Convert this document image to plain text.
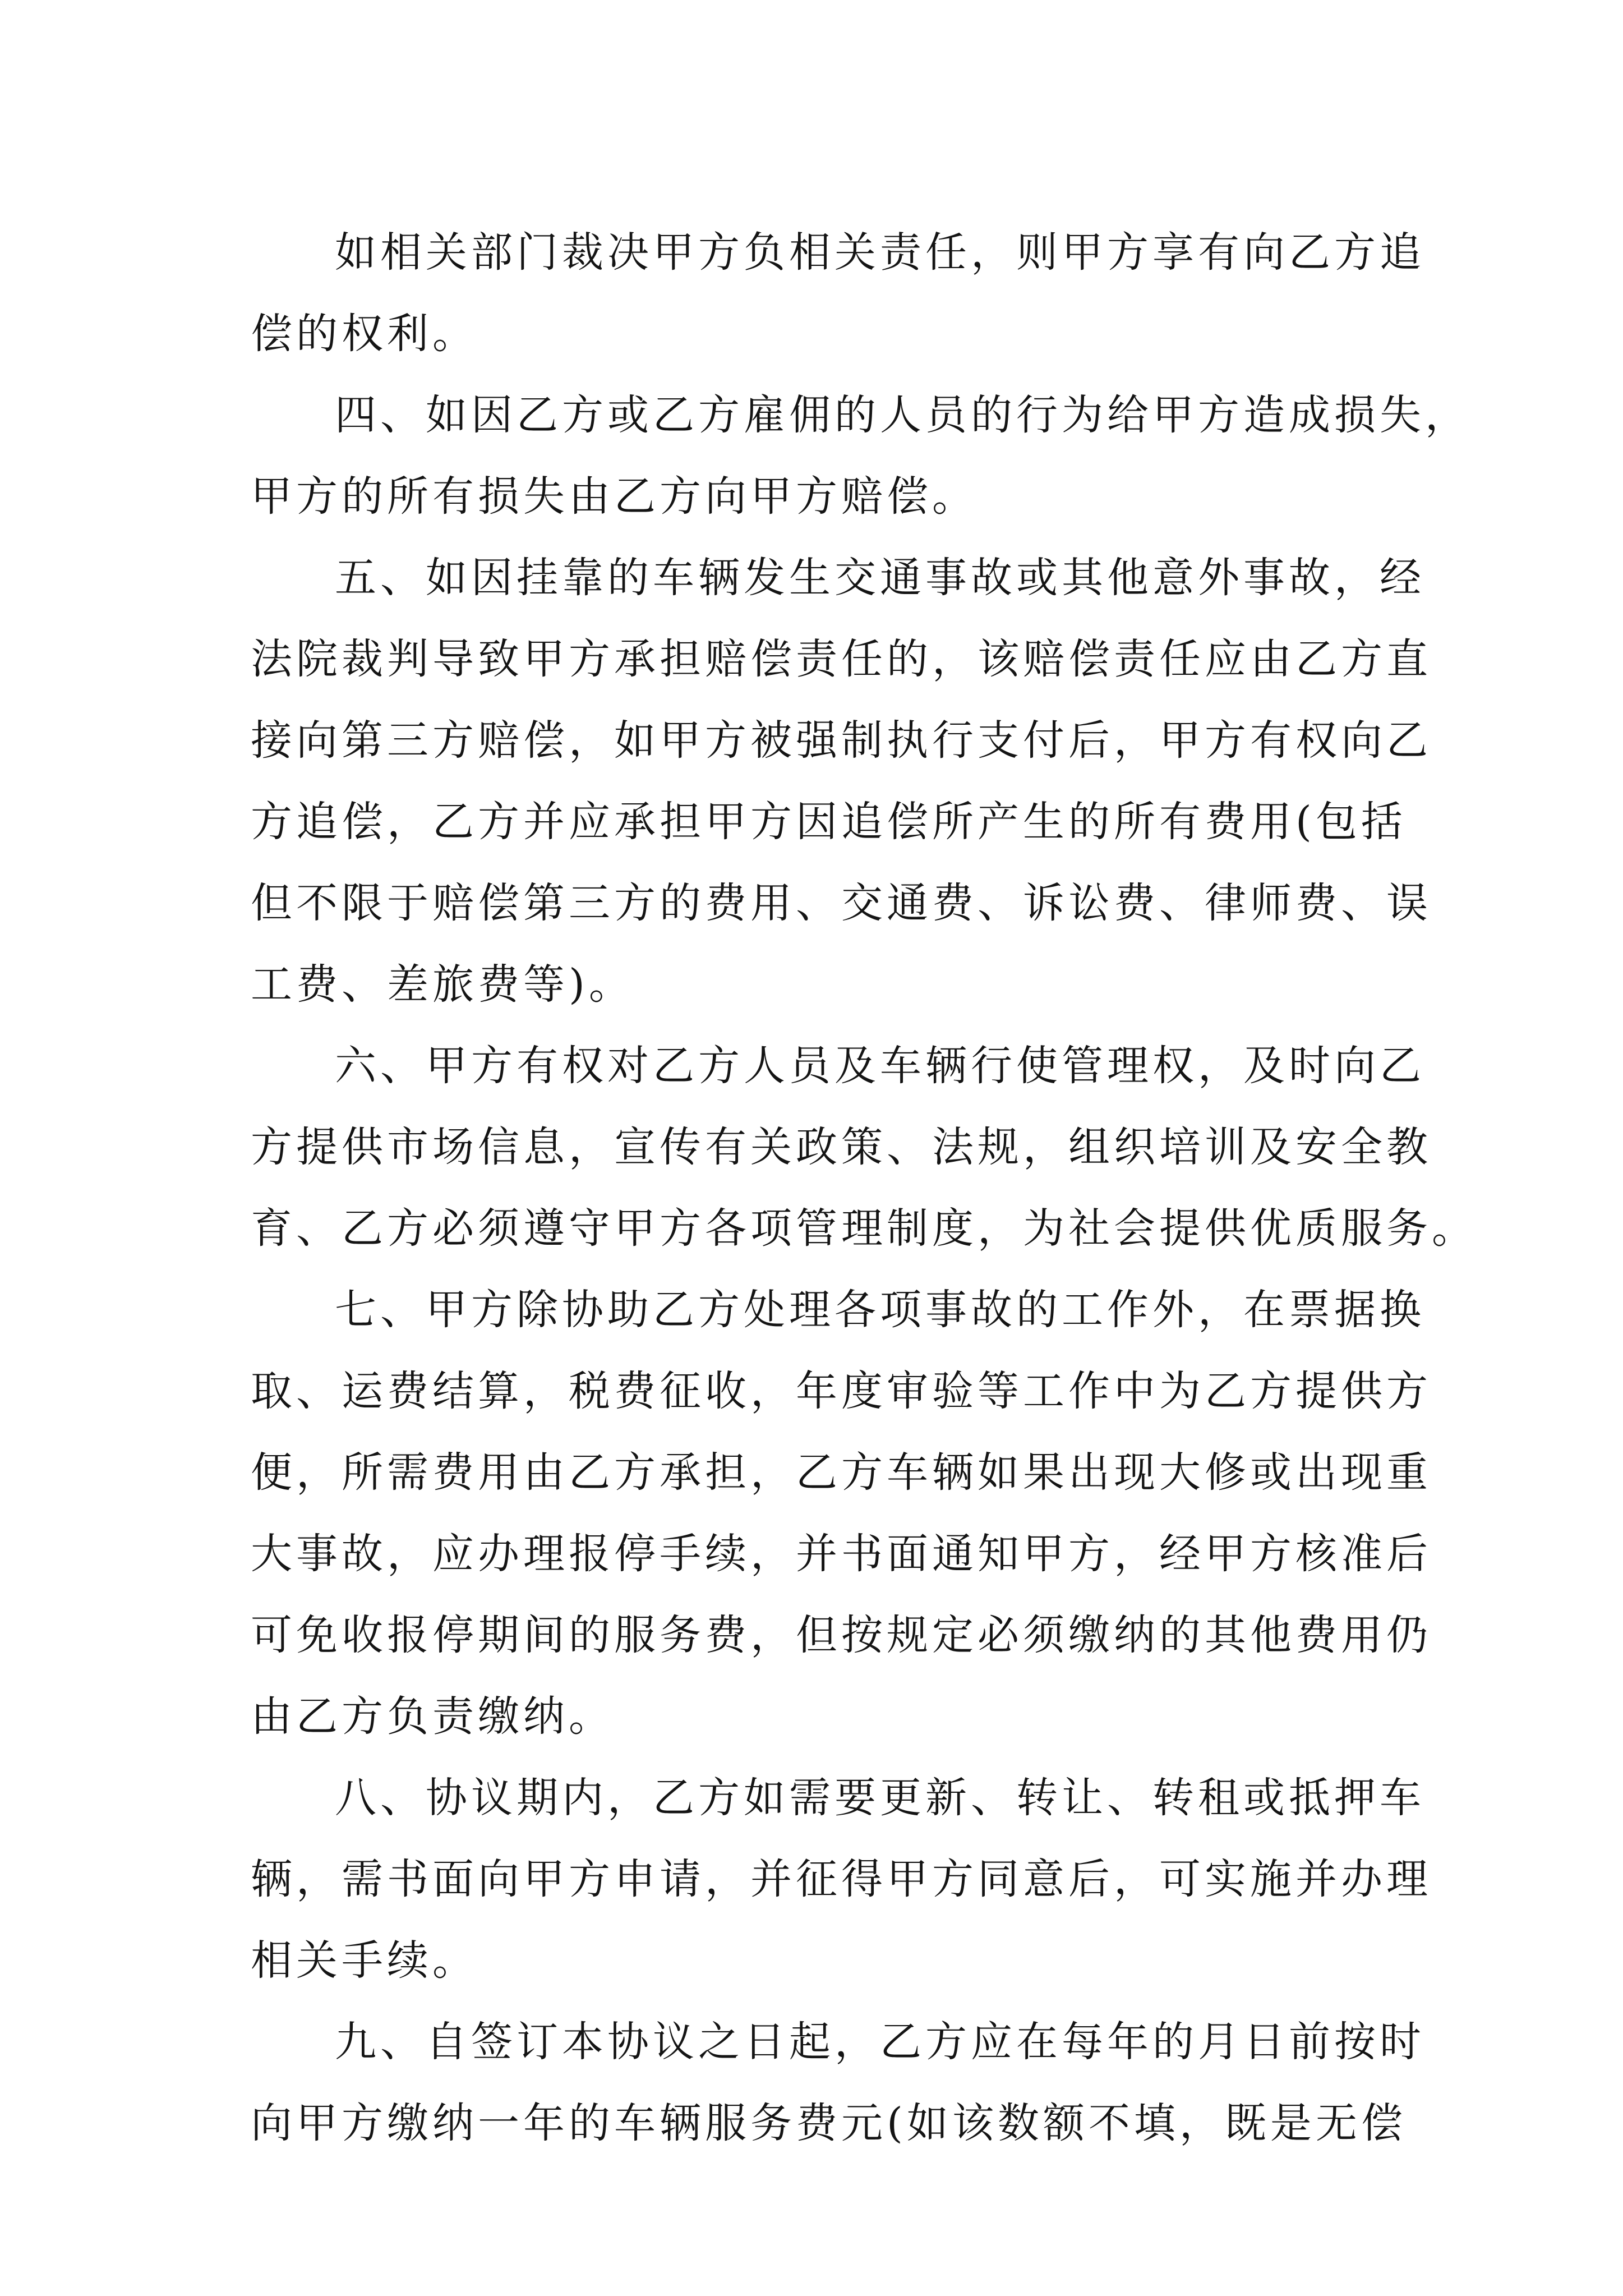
如相关部门裁决甲方负相关责任，则甲方享有向乙方追
偿的权利。
四、如因乙方或乙方雇佣的人员的行为给甲方造成损失，
甲方的所有损失由乙方向甲方赔偿。
五、如因挂靠的车辆发生交通事故或其他意外事故，经
法院裁判导致甲方承担赔偿责任的，该赔偿责任应由乙方直
接向第三方赔偿，如甲方被强制执行支付后，甲方有权向乙
方追偿，乙方并应承担甲方因追偿所产生的所有费用(包括
但不限于赔偿第三方的费用、交通费、诉讼费、律师费、误
工费、差旅费等)。
六、甲方有权对乙方人员及车辆行使管理权，及时向乙
方提供市场信息，宣传有关政策、法规，组织培训及安全教
育、乙方必须遵守甲方各项管理制度，为社会提供优质服务。
七、甲方除协助乙方处理各项事故的工作外，在票据换
取、运费结算，税费征收，年度审验等工作中为乙方提供方
便，所需费用由乙方承担，乙方车辆如果出现大修或出现重
大事故，应办理报停手续，并书面通知甲方，经甲方核准后
可免收报停期间的服务费，但按规定必须缴纳的其他费用仍
由乙方负责缴纳。
八、协议期内，乙方如需要更新、转让、转租或抵押车
辆，需书面向甲方申请，并征得甲方同意后，可实施并办理
相关手续。
九、自签订本协议之日起，乙方应在每年的月日前按时
向甲方缴纳一年的车辆服务费元(如该数额不填，既是无偿
